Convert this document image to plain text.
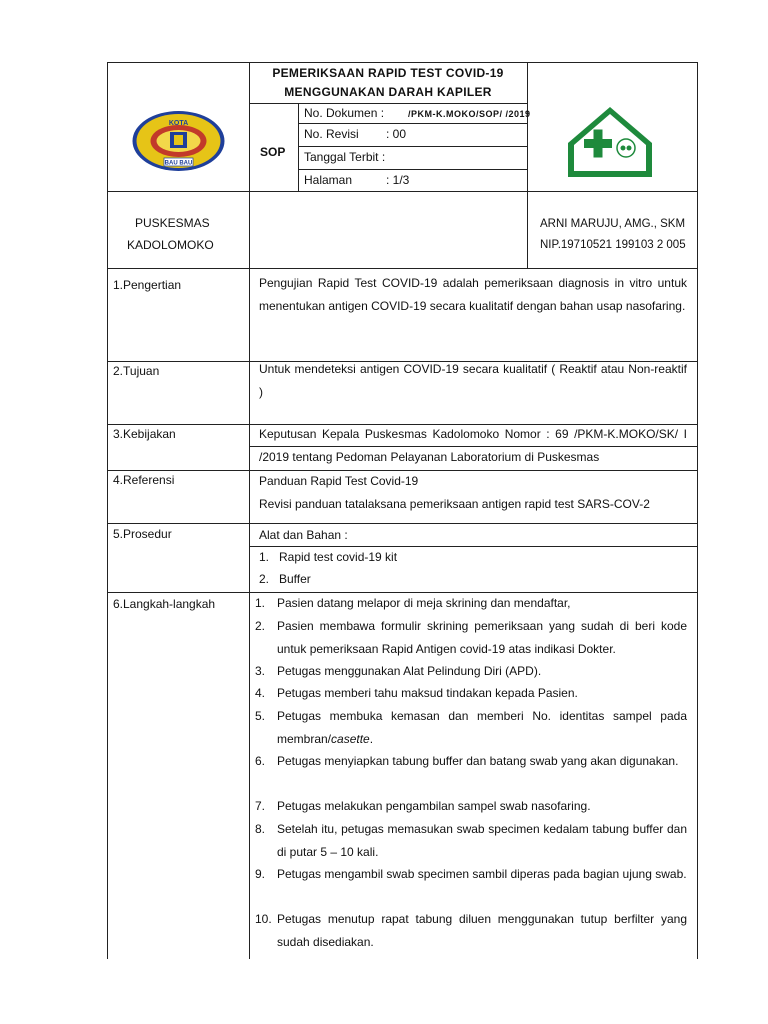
KOTA
BAU BAU
PEMERIKSAAN RAPID TEST COVID-19
MENGGUNAKAN DARAH KAPILER
SOP
No. Dokumen :	/PKM-K.MOKO/SOP/ /2019
No. Revisi : 00
Tanggal Terbit :
Halaman	: 1/3
PUSKESMAS
KADOLOMOKO
ARNI MARUJU, AMG., SKM
NIP.19710521 199103 2 005
1.Pengertian
2.Tujuan
3.Kebijakan
4.Referensi
5.Prosedur
6.Langkah-langkah
Pengujian Rapid Test COVID-19 adalah pemeriksaan diagnosis in vitro untuk menentukan antigen COVID-19 secara kualitatif dengan bahan usap nasofaring.
Untuk mendeteksi antigen COVID-19 secara kualitatif ( Reaktif atau Non-reaktif )
Keputusan Kepala Puskesmas Kadolomoko Nomor : 69 /PKM-K.MOKO/SK/ I
/2019 tentang Pedoman Pelayanan Laboratorium di Puskesmas
Panduan Rapid Test Covid-19
Revisi panduan tatalaksana pemeriksaan antigen rapid test SARS-COV-2
Alat dan Bahan :
1. Rapid test covid-19 kit
2. Buffer
1. Pasien datang melapor di meja skrining dan mendaftar,
2. Pasien membawa formulir skrining pemeriksaan yang sudah di beri kode untuk pemeriksaan Rapid Antigen covid-19 atas indikasi Dokter.
3. Petugas menggunakan Alat Pelindung Diri (APD).
4. Petugas memberi tahu maksud tindakan kepada Pasien.
5. Petugas membuka kemasan dan memberi No. identitas sampel pada membran/casette.
6. Petugas menyiapkan tabung buffer dan batang swab yang akan digunakan.
7. Petugas melakukan pengambilan sampel swab nasofaring.
8. Setelah itu, petugas memasukan swab specimen kedalam tabung buffer dan di putar 5 – 10 kali.
9. Petugas mengambil swab specimen sambil diperas pada bagian ujung swab.
10. Petugas menutup rapat tabung diluen menggunakan tutup berfilter yang sudah disediakan.
